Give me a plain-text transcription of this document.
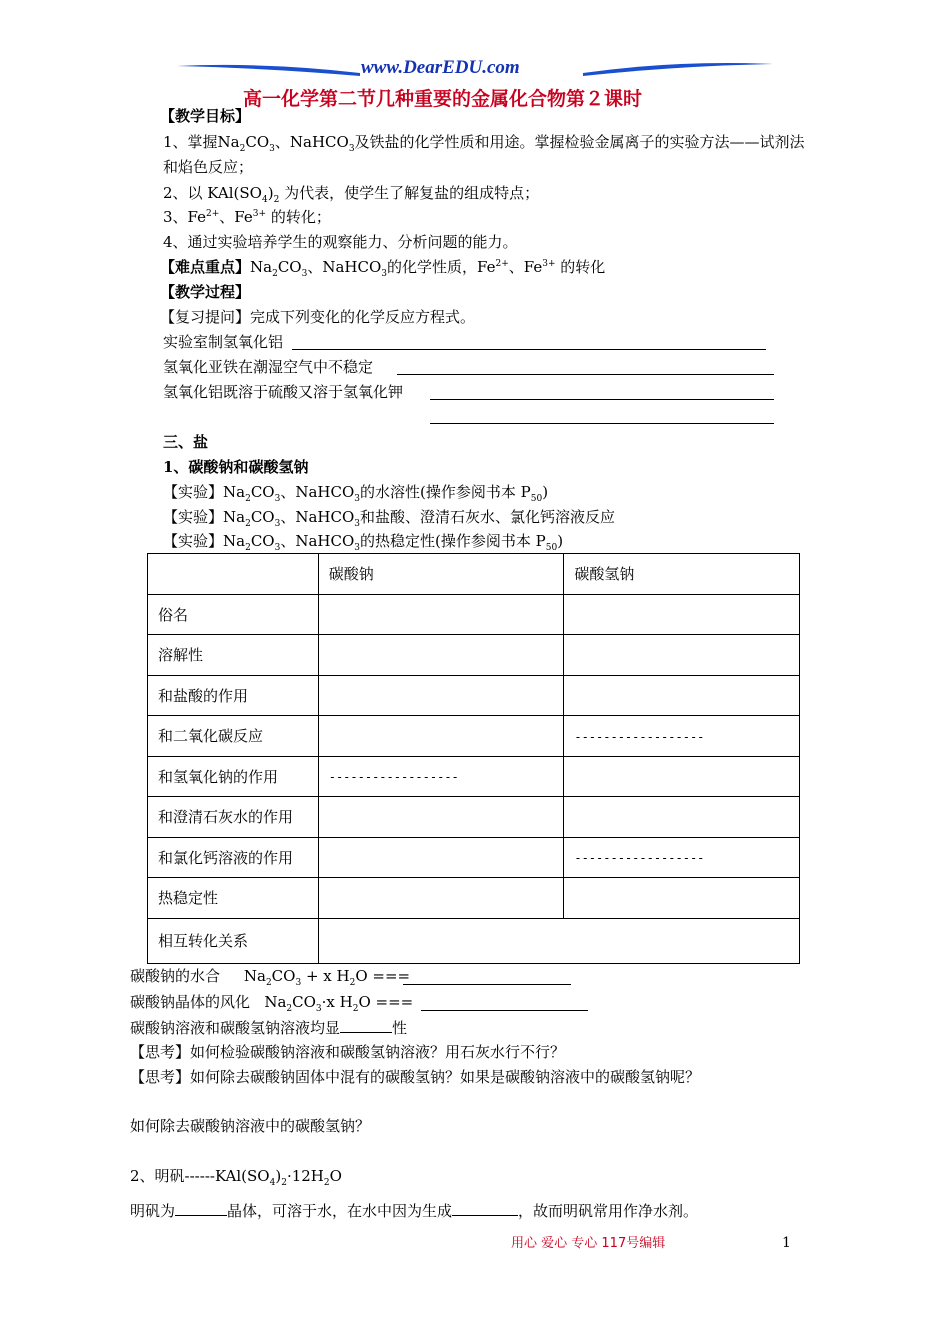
www.DearEDU.com
高一化学第二节几种重要的金属化合物第２课时
【教学目标】
1、掌握$Na_2CO_3$、NaHCO$_3$及铁盐的化学性质和用途。掌握检验金属离子的实验方法——试剂法
和焰色反应；
2、以 $KAl(SO_4)_2$ 为代表，使学生了解复盐的组成特点；
3、$Fe^{2+}$、$Fe^{3+}$ 的转化；
4、通过实验培养学生的观察能力、分析问题的能力。
【难点重点】$Na_2CO_3$、NaHCO$_3$的化学性质，$Fe^{2+}$、$Fe^{3+}$ 的转化
【教学过程】
【复习提问】完成下列变化的化学反应方程式。
实验室制氢氧化铝
氢氧化亚铁在潮湿空气中不稳定
氢氧化铝既溶于硫酸又溶于氢氧化钾
三、盐
1、碳酸钠和碳酸氢钠
【实验】$Na_2CO_3$、NaHCO$_3$的水溶性(操作参阅书本 $P_{50}$)
【实验】$Na_2CO_3$、NaHCO$_3$和盐酸、澄清石灰水、氯化钙溶液反应
【实验】$Na_2CO_3$、NaHCO$_3$的热稳定性(操作参阅书本 $P_{50}$)
	碳酸钠	碳酸氢钠
俗名		
溶解性		
和盐酸的作用		
和二氧化碳反应		------------------
和氢氧化钠的作用	------------------	
和澄清石灰水的作用		
和氯化钙溶液的作用		------------------
热稳定性		
相互转化关系		
碳酸钠的水合 $Na_2CO_3 + x$ $H_2O$ ===
碳酸钠晶体的风化 $Na_2CO_3\cdot x$ $H_2O$ ===
碳酸钠溶液和碳酸氢钠溶液均显	性
【思考】如何检验碳酸钠溶液和碳酸氢钠溶液？用石灰水行不行？
【思考】如何除去碳酸钠固体中混有的碳酸氢钠？如果是碳酸钠溶液中的碳酸氢钠呢？
如何除去碳酸钠溶液中的碳酸氢钠？
2、明矾$------KAl(SO_4)_2\cdot 12H_2O$
明矾为	晶体，可溶于水，在水中因为生成	，故而明矾常用作净水剂。
用心 爱心 专心 117号编辑	1
